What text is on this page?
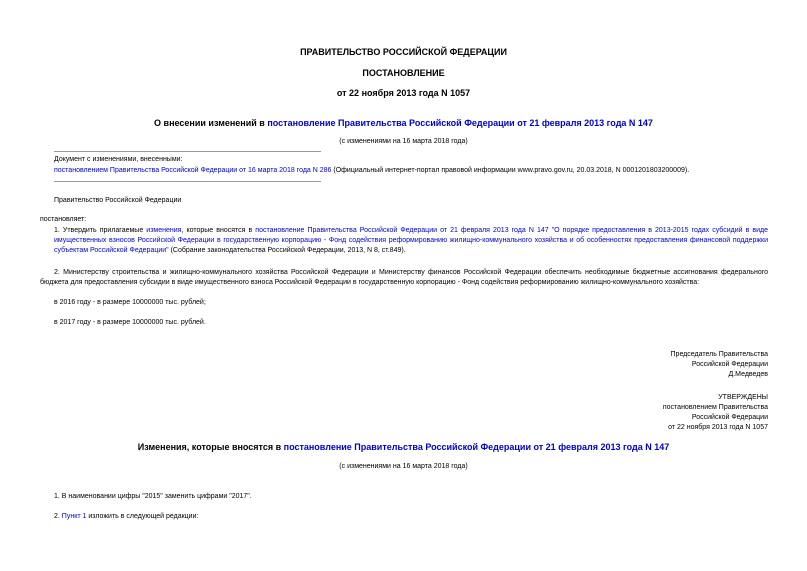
ПРАВИТЕЛЬСТВО РОССИЙСКОЙ ФЕДЕРАЦИИ
ПОСТАНОВЛЕНИЕ
от 22 ноября 2013 года N 1057
О внесении изменений в постановление Правительства Российской Федерации от 21 февраля 2013 года N 147
(с изменениями на 16 марта 2018 года)
Документ с изменениями, внесенными:
постановлением Правительства Российской Федерации от 16 марта 2018 года N 286 (Официальный интернет-портал правовой информации www.pravo.gov.ru, 20.03.2018, N 0001201803200009).
Правительство Российской Федерации
постановляет:
1. Утвердить прилагаемые изменения, которые вносятся в постановление Правительства Российской Федерации от 21 февраля 2013 года N 147 "О порядке предоставления в 2013-2015 годах субсидий в виде имущественных взносов Российской Федерации в государственную корпорацию - Фонд содействия реформированию жилищно-коммунального хозяйства и об особенностях предоставления финансовой поддержки субъектам Российской Федерации" (Собрание законодательства Российской Федерации, 2013, N 8, ст.849).
2. Министерству строительства и жилищно-коммунального хозяйства Российской Федерации и Министерству финансов Российской Федерации обеспечить необходимые бюджетные ассигнования федерального бюджета для предоставления субсидии в виде имущественного взноса Российской Федерации в государственную корпорацию - Фонд содействия реформированию жилищно-коммунального хозяйства:
в 2016 году - в размере 10000000 тыс. рублей;
в 2017 году - в размере 10000000 тыс. рублей.
Председатель Правительства
Российской Федерации
Д.Медведев
УТВЕРЖДЕНЫ
постановлением Правительства
Российской Федерации
от 22 ноября 2013 года N 1057
Изменения, которые вносятся в постановление Правительства Российской Федерации от 21 февраля 2013 года N 147
(с изменениями на 16 марта 2018 года)
1. В наименовании цифры "2015" заменить цифрами "2017".
2. Пункт 1 изложить в следующей редакции:
